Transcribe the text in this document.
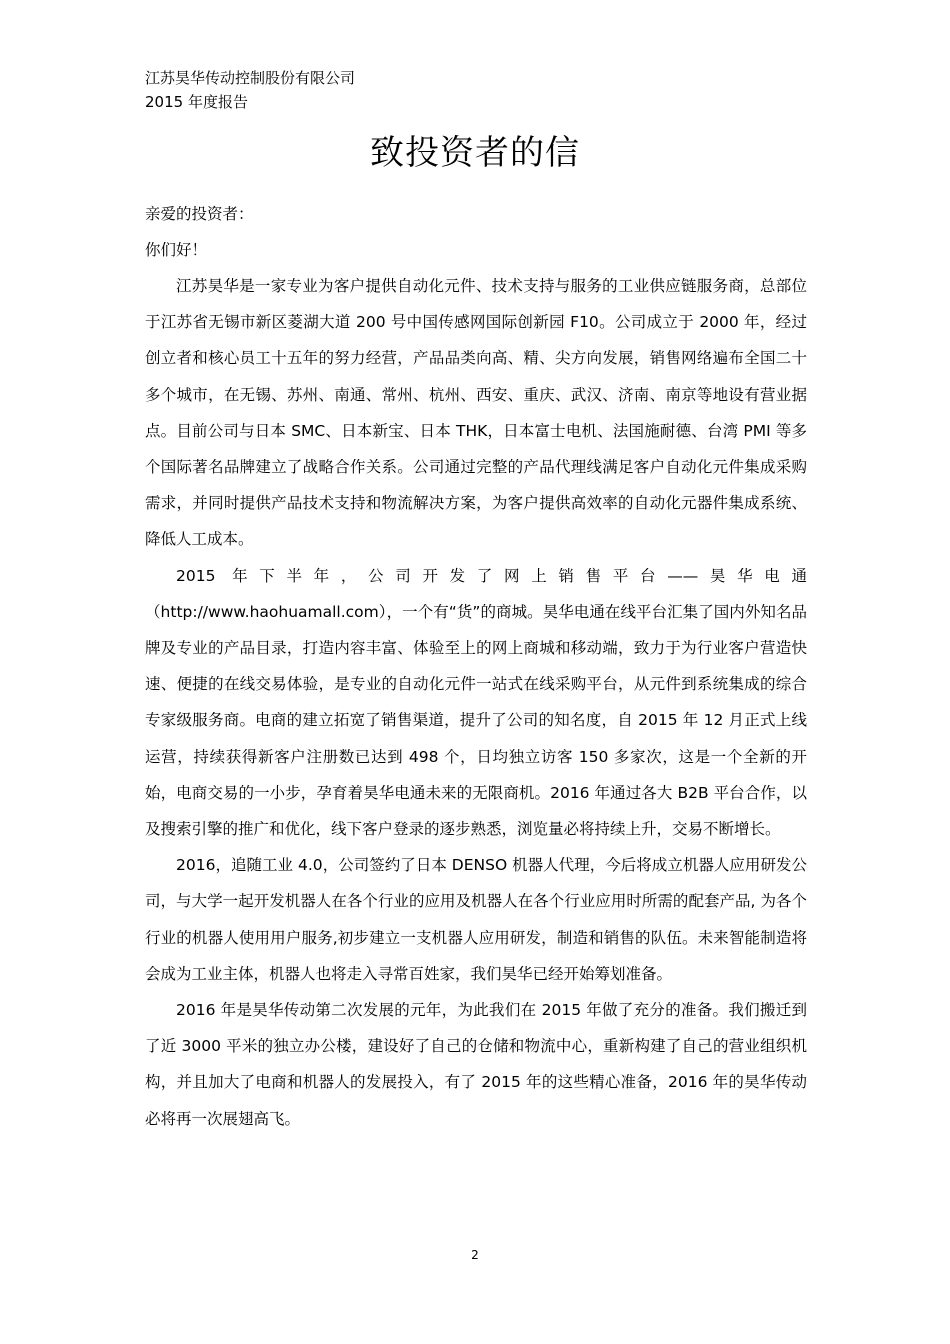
江苏昊华传动控制股份有限公司
2015 年度报告
致投资者的信
亲爱的投资者：
你们好！

江苏昊华是一家专业为客户提供自动化元件、技术支持与服务的工业供应链服务商，总部位于江苏省无锡市新区菱湖大道 200 号中国传感网国际创新园 F10。公司成立于 2000 年，经过创立者和核心员工十五年的努力经营，产品品类向高、精、尖方向发展，销售网络遍布全国二十多个城市，在无锡、苏州、南通、常州、杭州、西安、重庆、武汉、济南、南京等地设有营业据点。目前公司与日本 SMC、日本新宝、日本 THK，日本富士电机、法国施耐德、台湾 PMI 等多个国际著名品牌建立了战略合作关系。公司通过完整的产品代理线满足客户自动化元件集成采购需求，并同时提供产品技术支持和物流解决方案，为客户提供高效率的自动化元器件集成系统、降低人工成本。

2015 年下半年，公司开发了网上销售平台——昊华电通（http://www.haohuamall.com），一个有“货”的商城。昊华电通在线平台汇集了国内外知名品牌及专业的产品目录，打造内容丰富、体验至上的网上商城和移动端，致力于为行业客户营造快速、便捷的在线交易体验，是专业的自动化元件一站式在线采购平台，从元件到系统集成的综合专家级服务商。电商的建立拓宽了销售渠道，提升了公司的知名度，自 2015 年 12 月正式上线运营，持续获得新客户注册数已达到 498 个，日均独立访客 150 多家次，这是一个全新的开始，电商交易的一小步，孕育着昊华电通未来的无限商机。2016 年通过各大 B2B 平台合作，以及搜索引擎的推广和优化，线下客户登录的逐步熟悉，浏览量必将持续上升，交易不断增长。

2016，追随工业 4.0，公司签约了日本 DENSO 机器人代理，今后将成立机器人应用研发公司，与大学一起开发机器人在各个行业的应用及机器人在各个行业应用时所需的配套产品, 为各个行业的机器人使用用户服务,初步建立一支机器人应用研发，制造和销售的队伍。未来智能制造将会成为工业主体，机器人也将走入寻常百姓家，我们昊华已经开始筹划准备。

2016 年是昊华传动第二次发展的元年，为此我们在 2015 年做了充分的准备。我们搬迁到了近 3000 平米的独立办公楼，建设好了自己的仓储和物流中心，重新构建了自己的营业组织机构，并且加大了电商和机器人的发展投入，有了 2015 年的这些精心准备，2016 年的昊华传动必将再一次展翅高飞。

2
